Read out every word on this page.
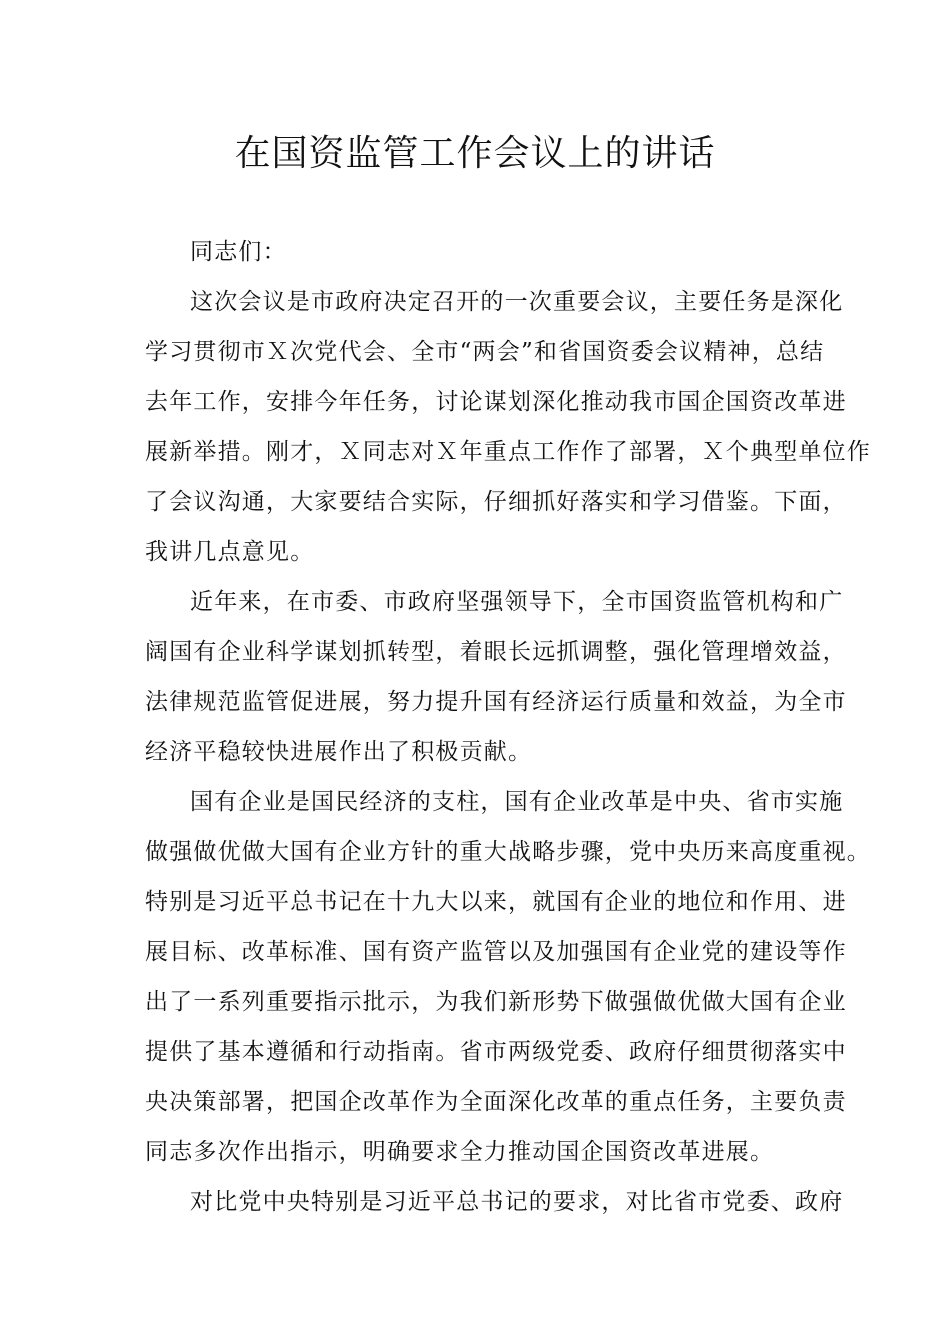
在国资监管工作会议上的讲话
同志们：
这次会议是市政府决定召开的一次重要会议，主要任务是深化
学习贯彻市Ｘ次党代会、全市“两会”和省国资委会议精神，总结
去年工作，安排今年任务，讨论谋划深化推动我市国企国资改革进
展新举措。刚才，Ｘ同志对Ｘ年重点工作作了部署，Ｘ个典型单位作
了会议沟通，大家要结合实际，仔细抓好落实和学习借鉴。下面，
我讲几点意见。
近年来，在市委、市政府坚强领导下，全市国资监管机构和广
阔国有企业科学谋划抓转型，着眼长远抓调整，强化管理增效益，
法律规范监管促进展，努力提升国有经济运行质量和效益，为全市
经济平稳较快进展作出了积极贡献。
国有企业是国民经济的支柱，国有企业改革是中央、省市实施
做强做优做大国有企业方针的重大战略步骤，党中央历来高度重视。
特别是习近平总书记在十九大以来，就国有企业的地位和作用、进
展目标、改革标准、国有资产监管以及加强国有企业党的建设等作
出了一系列重要指示批示，为我们新形势下做强做优做大国有企业
提供了基本遵循和行动指南。省市两级党委、政府仔细贯彻落实中
央决策部署，把国企改革作为全面深化改革的重点任务，主要负责
同志多次作出指示，明确要求全力推动国企国资改革进展。
对比党中央特别是习近平总书记的要求，对比省市党委、政府
